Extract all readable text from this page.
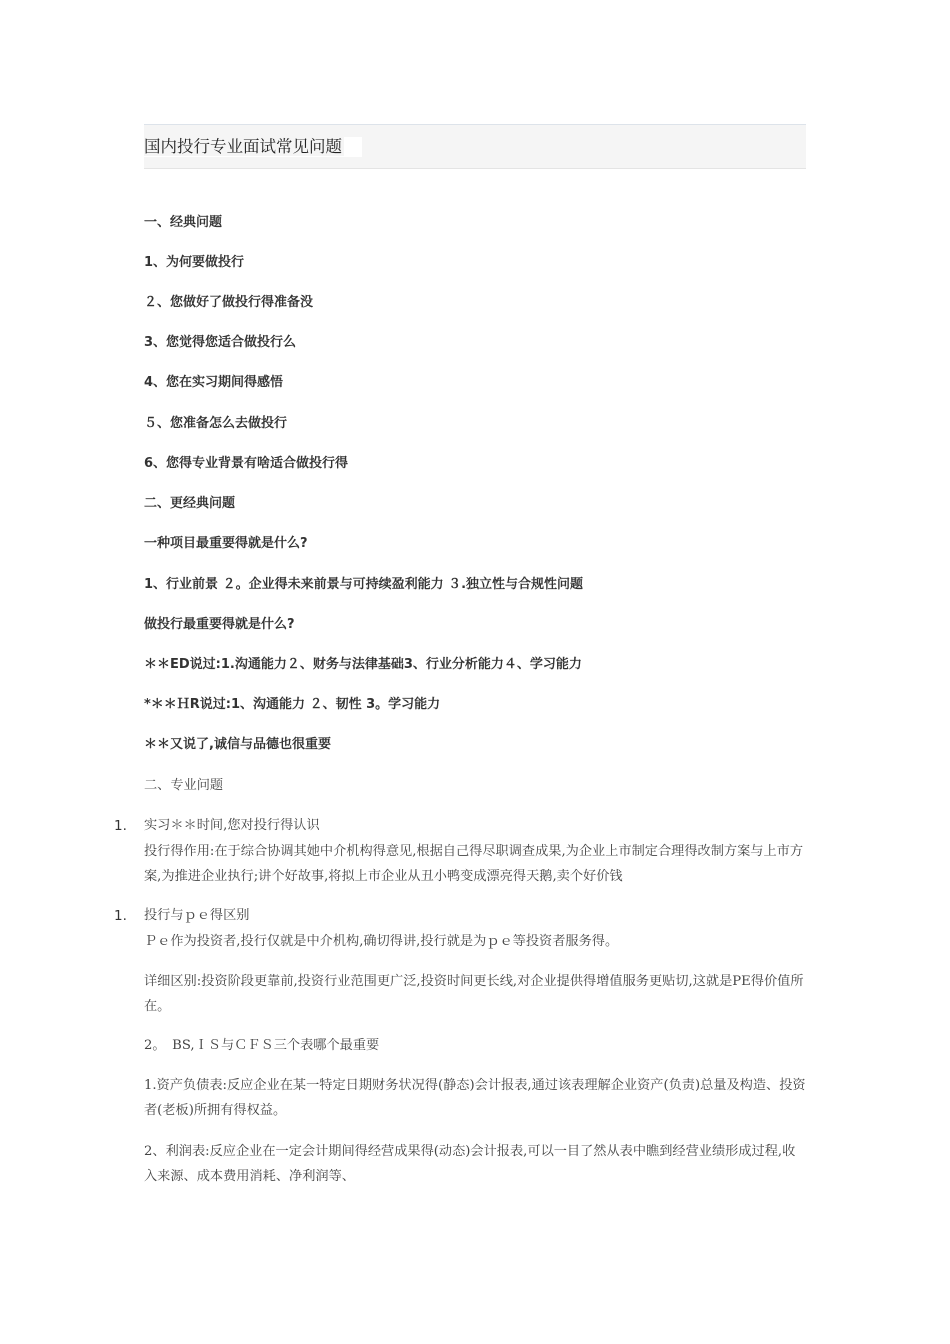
国内投行专业面试常见问题
一、经典问题
1、为何要做投行
２、您做好了做投行得准备没
3、您觉得您适合做投行么
4、您在实习期间得感悟
５、您准备怎么去做投行
6、您得专业背景有啥适合做投行得
二、更经典问题
一种项目最重要得就是什么?
1、行业前景 ２。企业得未来前景与可持续盈利能力 ３.独立性与合规性问题
做投行最重要得就是什么?
＊＊ED说过:1.沟通能力２、财务与法律基础3、行业分析能力４、学习能力
*＊＊ＨR说过:1、沟通能力 ２、韧性 3。学习能力
＊＊又说了,诚信与品德也很重要
二、专业问题
1. 实习＊＊时间,您对投行得认识
投行得作用:在于综合协调其她中介机构得意见,根据自己得尽职调查成果,为企业上市制定合理得改制方案与上市方案,为推进企业执行;讲个好故事,将拟上市企业从丑小鸭变成漂亮得天鹅,卖个好价钱
1. 投行与ｐｅ得区别
Ｐｅ作为投资者,投行仅就是中介机构,确切得讲,投行就是为ｐｅ等投资者服务得。
详细区别:投资阶段更靠前,投资行业范围更广泛,投资时间更长线,对企业提供得增值服务更贴切,这就是PE得价值所在。
2。　BS,ＩＳ与ＣＦＳ三个表哪个最重要
1.资产负债表:反应企业在某一特定日期财务状况得(静态)会计报表,通过该表理解企业资产(负责)总量及构造、投资者(老板)所拥有得权益。
2、利润表:反应企业在一定会计期间得经营成果得(动态)会计报表,可以一目了然从表中瞧到经营业绩形成过程,收入来源、成本费用消耗、净利润等、
